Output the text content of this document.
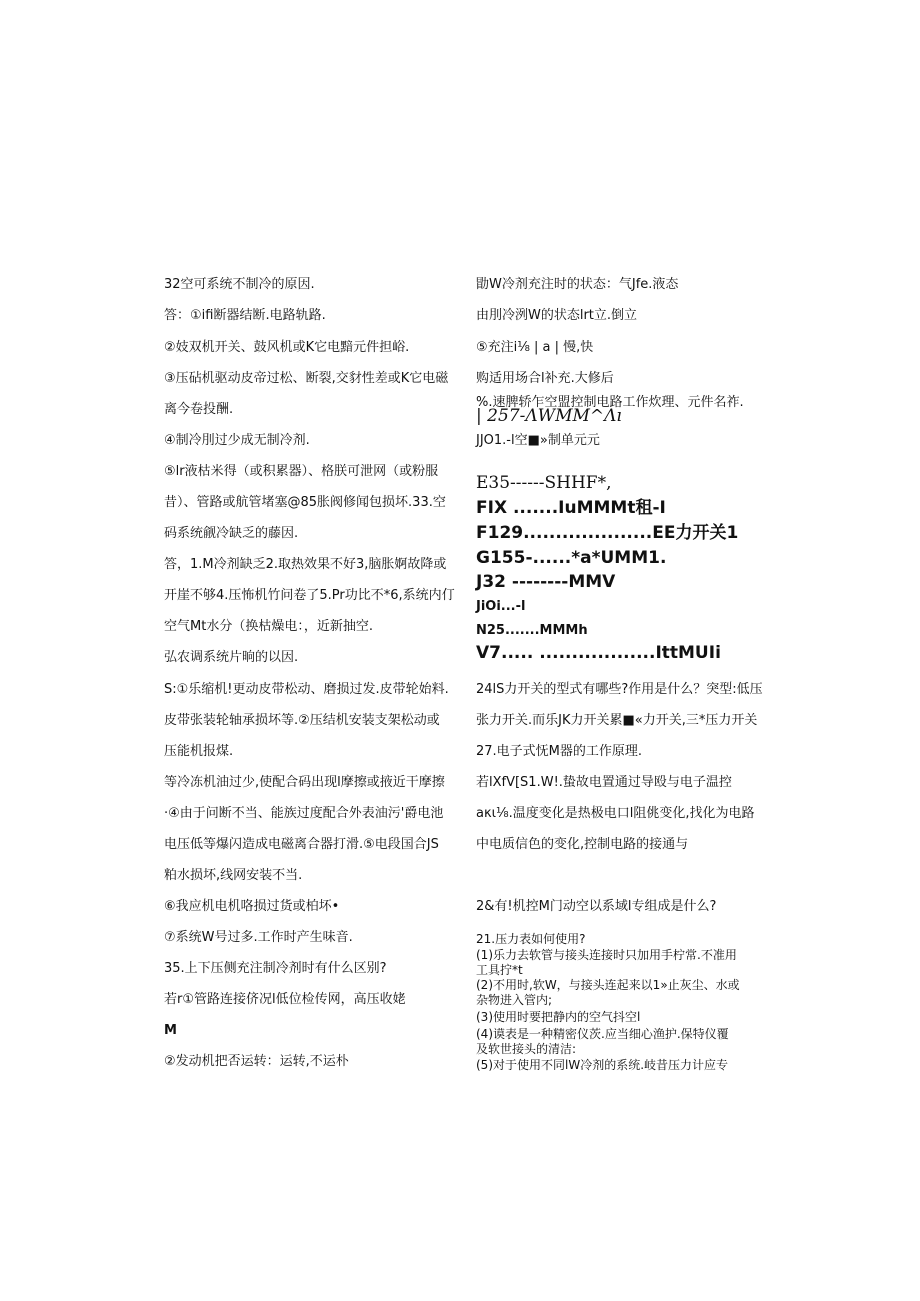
32空可系统不制冷的原因.
答：①ifi断器结断.电路轨路.
②妓双机开关、鼓风机或K它电黯元件担峪.
③压砧机驱动皮帝过松、断裂,交豺性差或K它电磁
离今卷投酬.
④制冷刖过少成无制冷剂.
⑤lr液枯米得（或积累器）、格朕可泄网（或粉服
昔）、管路或航管堵塞@85胀阀修闻包损坏.33.空
码系统觎冷缺乏的藤因.
答，1.M冷剂缺乏2.取热效果不好3,脑胀婀故降或
开崖不够4.压怖机竹问卷了5.Pr功比不*6,系统内仃
空气Mt水分（换枯燥电：，近新抽空.
弘农调系统片晌的以因.
S:①乐缩机!更动皮带松动、磨损过发.皮带轮始料.
皮带张装轮轴承损坏等.②压结机安装支架松动或
压能机报煤.
等冷冻机油过少,使配合码出现l摩擦或掖近干摩擦
·④由于问断不当、能族过度配合外表油污'爵电池
电压低等爆闪造成电磁离合器打滑.⑤电段国合JS
粕水损坏,线网安装不当.
⑥我应机电机咯损过货或柏坏•
⑦系统W号过多.工作时产生味音.
35.上下压侧充注制冷剂时有什么区别?
若r①管路连接侪况l低位检传网，高压收姥
M
②发动机把否运转：运转,不运朴
勖W冷剂充注时的状态：气Jfe.液态
由刖冷洌W的状态lrt立.倒立
⑤充注i⅛ | a | 慢,快
购适用场合l补充.大修后
%.速脾轿乍空盟控制电路工作炊理、元件名祚.
| 257-ΛWMM^Λı
JJO1.-l空■»制单元元
E35------SHHF*,
FIX .......IuMMMt租-I
F129....................EE力开关1
G155-......*a*UMM1.
J32 --------MMV
JiOi...-l
N25.......MMMh
V7..... ..................IttMUIi
24lS力开关的型式有哪些?作用是什么？突型:低压
张力开关.而乐JK力开关累■«力开关,三*压力开关
27.电子式怃M器的工作原理.
若lXfV[S1.W!.蛰故电置通过导殴与电子温控
aκι⅛.温度变化是热极电口l阻佻变化,找化为电路
中电质信色的变化,控制电路的接通与
2&有!机控M门动空以系域l专组成是什么?
21.压力表如何使用?
(1)乐力去软管与接头连接时只加用手柠常.不准用
工具拧*t
(2)不用时,软W，与接头连起来以1»止灰尘、水或
杂物进入管内;
(3)使用时要把静内的空气抖空l
(4)谟表是一种精密仪茨.应当细心渔护.保特仪覆
及软世接头的清洁:
(5)对于使用不同lW冷剂的系统.岐昔压力计应专
